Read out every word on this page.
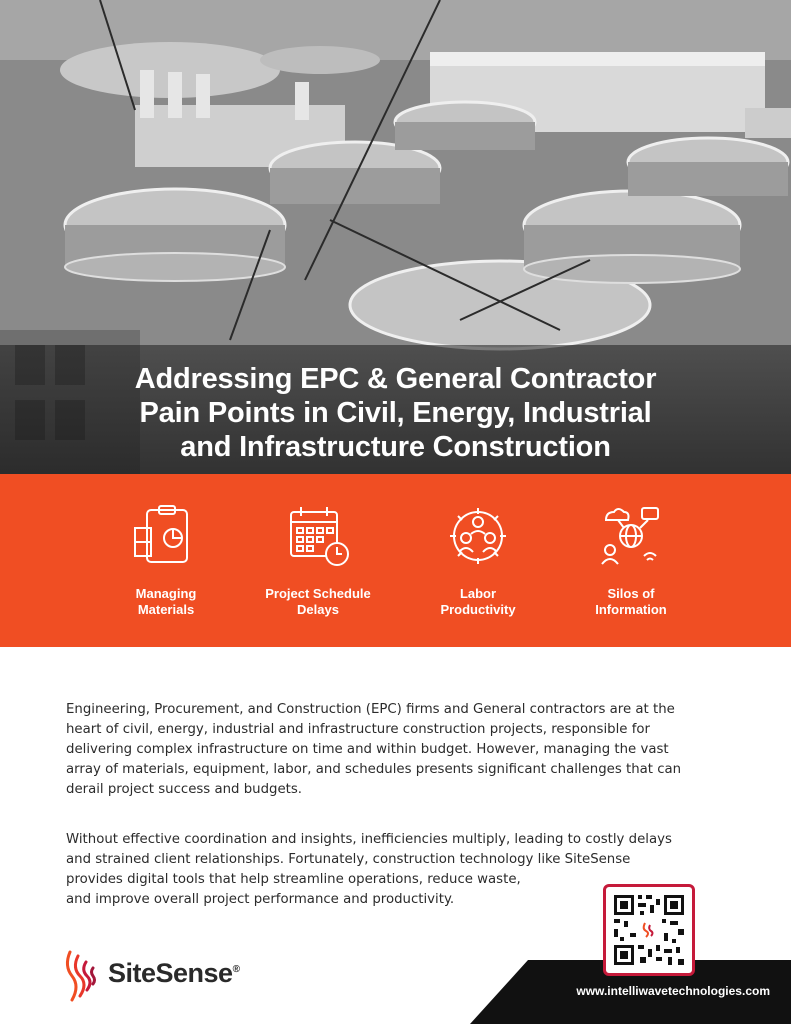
Addressing EPC & General Contractor
Pain Points in Civil, Energy, Industrial
and Infrastructure Construction
Managing
Materials
Project Schedule
Delays
Labor
Productivity
Silos of
Information
Engineering, Procurement, and Construction (EPC) firms and General contractors are at the
heart of civil, energy, industrial and infrastructure construction projects, responsible for
delivering complex infrastructure on time and within budget. However, managing the vast
array of materials, equipment, labor, and schedules presents significant challenges that can
derail project success and budgets.
Without effective coordination and insights, inefficiencies multiply, leading to costly delays
and strained client relationships. Fortunately, construction technology like SiteSense
provides digital tools that help streamline operations, reduce waste,
and improve overall project performance and productivity.
SiteSense®
www.intelliwavetechnologies.com
